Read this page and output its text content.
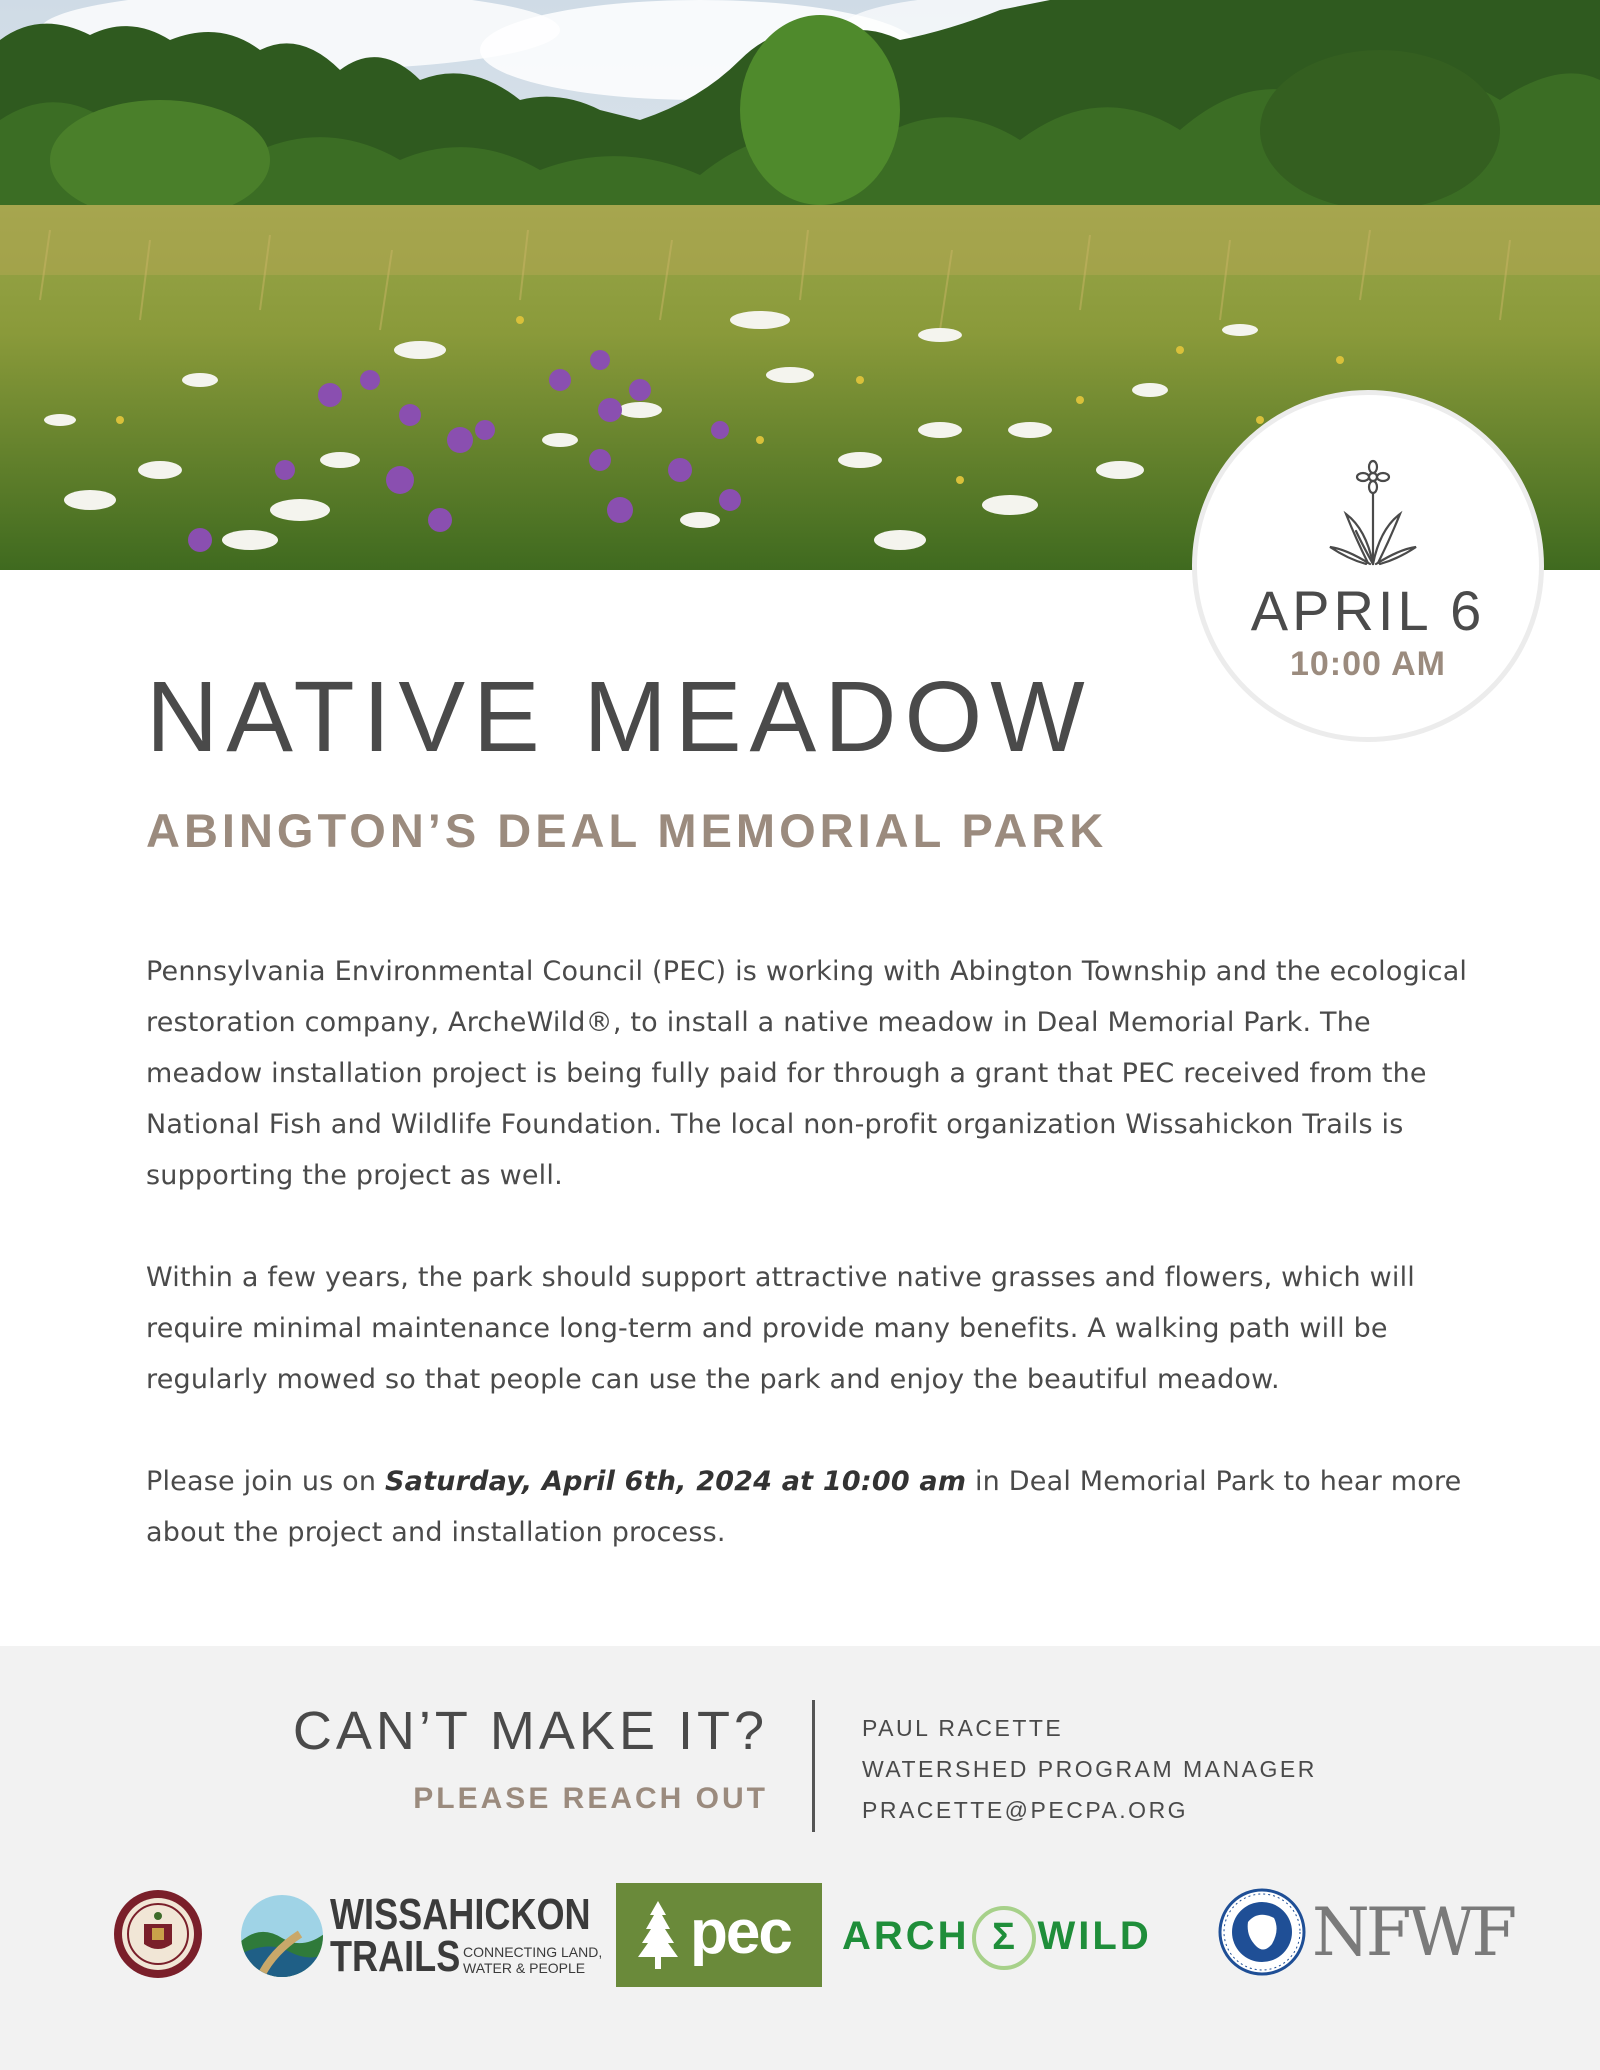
APRIL 6
10:00 AM
NATIVE MEADOW
ABINGTON’S DEAL MEMORIAL PARK

Pennsylvania Environmental Council (PEC) is working with Abington Township and the ecological restoration company, ArcheWild®, to install a native meadow in Deal Memorial Park. The meadow installation project is being fully paid for through a grant that PEC received from the National Fish and Wildlife Foundation. The local non-profit organization Wissahickon Trails is supporting the project as well.

Within a few years, the park should support attractive native grasses and flowers, which will require minimal maintenance long-term and provide many benefits. A walking path will be regularly mowed so that people can use the park and enjoy the beautiful meadow.

Please join us on Saturday, April 6th, 2024 at 10:00 am in Deal Memorial Park to hear more about the project and installation process.

CAN’T MAKE IT?
PLEASE REACH OUT
PAUL RACETTE
WATERSHED PROGRAM MANAGER
PRACETTE@PECPA.ORG
WISSAHICKON
TRAILS CONNECTING LAND,
WATER & PEOPLE
pec ARCH Σ WILD NFWF
